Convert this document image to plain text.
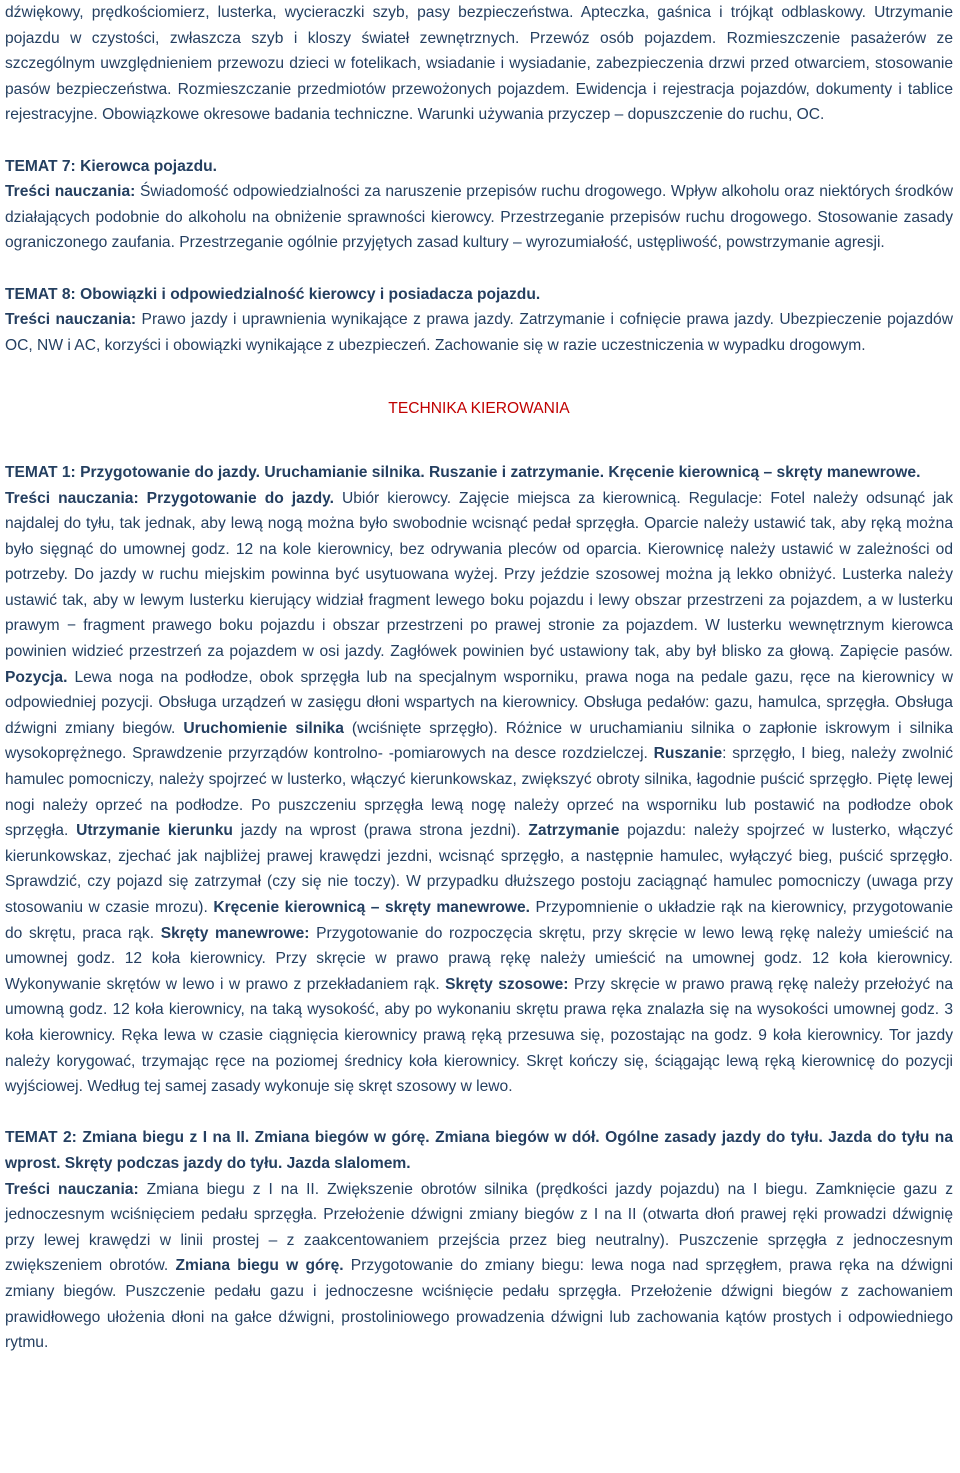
dźwiękowy, prędkościomierz, lusterka, wycieraczki szyb, pasy bezpieczeństwa. Apteczka, gaśnica i trójkąt odblaskowy. Utrzymanie pojazdu w czystości, zwłaszcza szyb i kloszy świateł zewnętrznych. Przewóz osób pojazdem. Rozmieszczenie pasażerów ze szczególnym uwzględnieniem przewozu dzieci w fotelikach, wsiadanie i wysiadanie, zabezpieczenia drzwi przed otwarciem, stosowanie pasów bezpieczeństwa. Rozmieszczanie przedmiotów przewożonych pojazdem. Ewidencja i rejestracja pojazdów, dokumenty i tablice rejestracyjne. Obowiązkowe okresowe badania techniczne. Warunki używania przyczep – dopuszczenie do ruchu, OC.

TEMAT 7: Kierowca pojazdu.

Treści nauczania: Świadomość odpowiedzialności za naruszenie przepisów ruchu drogowego. Wpływ alkoholu oraz niektórych środków działających podobnie do alkoholu na obniżenie sprawności kierowcy. Przestrzeganie przepisów ruchu drogowego. Stosowanie zasady ograniczonego zaufania. Przestrzeganie ogólnie przyjętych zasad kultury – wyrozumiałość, ustępliwość, powstrzymanie agresji.

TEMAT 8: Obowiązki i odpowiedzialność kierowcy i posiadacza pojazdu.

Treści nauczania: Prawo jazdy i uprawnienia wynikające z prawa jazdy. Zatrzymanie i cofnięcie prawa jazdy. Ubezpieczenie pojazdów OC, NW i AC, korzyści i obowiązki wynikające z ubezpieczeń. Zachowanie się w razie uczestniczenia w wypadku drogowym.

TECHNIKA KIEROWANIA

TEMAT 1: Przygotowanie do jazdy. Uruchamianie silnika. Ruszanie i zatrzymanie. Kręcenie kierownicą – skręty manewrowe.

Treści nauczania: Przygotowanie do jazdy. Ubiór kierowcy. Zajęcie miejsca za kierownicą. Regulacje: Fotel należy odsunąć jak najdalej do tyłu, tak jednak, aby lewą nogą można było swobodnie wcisnąć pedał sprzęgła. Oparcie należy ustawić tak, aby ręką można było sięgnąć do umownej godz. 12 na kole kierownicy, bez odrywania pleców od oparcia. Kierownicę należy ustawić w zależności od potrzeby. Do jazdy w ruchu miejskim powinna być usytuowana wyżej. Przy jeździe szosowej można ją lekko obniżyć. Lusterka należy ustawić tak, aby w lewym lusterku kierujący widział fragment lewego boku pojazdu i lewy obszar przestrzeni za pojazdem, a w lusterku prawym − fragment prawego boku pojazdu i obszar przestrzeni po prawej stronie za pojazdem. W lusterku wewnętrznym kierowca powinien widzieć przestrzeń za pojazdem w osi jazdy. Zagłówek powinien być ustawiony tak, aby był blisko za głową. Zapięcie pasów. Pozycja. Lewa noga na podłodze, obok sprzęgła lub na specjalnym wsporniku, prawa noga na pedale gazu, ręce na kierownicy w odpowiedniej pozycji. Obsługa urządzeń w zasięgu dłoni wspartych na kierownicy. Obsługa pedałów: gazu, hamulca, sprzęgła. Obsługa dźwigni zmiany biegów. Uruchomienie silnika (wciśnięte sprzęgło). Różnice w uruchamianiu silnika o zapłonie iskrowym i silnika wysokoprężnego. Sprawdzenie przyrządów kontrolno- -pomiarowych na desce rozdzielczej. Ruszanie: sprzęgło, I bieg, należy zwolnić hamulec pomocniczy, należy spojrzeć w lusterko, włączyć kierunkowskaz, zwiększyć obroty silnika, łagodnie puścić sprzęgło. Piętę lewej nogi należy oprzeć na podłodze. Po puszczeniu sprzęgła lewą nogę należy oprzeć na wsporniku lub postawić na podłodze obok sprzęgła. Utrzymanie kierunku jazdy na wprost (prawa strona jezdni). Zatrzymanie pojazdu: należy spojrzeć w lusterko, włączyć kierunkowskaz, zjechać jak najbliżej prawej krawędzi jezdni, wcisnąć sprzęgło, a następnie hamulec, wyłączyć bieg, puścić sprzęgło. Sprawdzić, czy pojazd się zatrzymał (czy się nie toczy). W przypadku dłuższego postoju zaciągnąć hamulec pomocniczy (uwaga przy stosowaniu w czasie mrozu). Kręcenie kierownicą – skręty manewrowe. Przypomnienie o układzie rąk na kierownicy, przygotowanie do skrętu, praca rąk. Skręty manewrowe: Przygotowanie do rozpoczęcia skrętu, przy skręcie w lewo lewą rękę należy umieścić na umownej godz. 12 koła kierownicy. Przy skręcie w prawo prawą rękę należy umieścić na umownej godz. 12 koła kierownicy. Wykonywanie skrętów w lewo i w prawo z przekładaniem rąk. Skręty szosowe: Przy skręcie w prawo prawą rękę należy przełożyć na umowną godz. 12 koła kierownicy, na taką wysokość, aby po wykonaniu skrętu prawa ręka znalazła się na wysokości umownej godz. 3 koła kierownicy. Ręka lewa w czasie ciągnięcia kierownicy prawą ręką przesuwa się, pozostając na godz. 9 koła kierownicy. Tor jazdy należy korygować, trzymając ręce na poziomej średnicy koła kierownicy. Skręt kończy się, ściągając lewą ręką kierownicę do pozycji wyjściowej. Według tej samej zasady wykonuje się skręt szosowy w lewo.

TEMAT 2: Zmiana biegu z I na II. Zmiana biegów w górę. Zmiana biegów w dół. Ogólne zasady jazdy do tyłu. Jazda do tyłu na wprost. Skręty podczas jazdy do tyłu. Jazda slalomem.

Treści nauczania: Zmiana biegu z I na II. Zwiększenie obrotów silnika (prędkości jazdy pojazdu) na I biegu. Zamknięcie gazu z jednoczesnym wciśnięciem pedału sprzęgła. Przełożenie dźwigni zmiany biegów z I na II (otwarta dłoń prawej ręki prowadzi dźwignię przy lewej krawędzi w linii prostej – z zaakcentowaniem przejścia przez bieg neutralny). Puszczenie sprzęgła z jednoczesnym zwiększeniem obrotów. Zmiana biegu w górę. Przygotowanie do zmiany biegu: lewa noga nad sprzęgłem, prawa ręka na dźwigni zmiany biegów. Puszczenie pedału gazu i jednoczesne wciśnięcie pedału sprzęgła. Przełożenie dźwigni biegów z zachowaniem prawidłowego ułożenia dłoni na gałce dźwigni, prostoliniowego prowadzenia dźwigni lub zachowania kątów prostych i odpowiedniego rytmu.
